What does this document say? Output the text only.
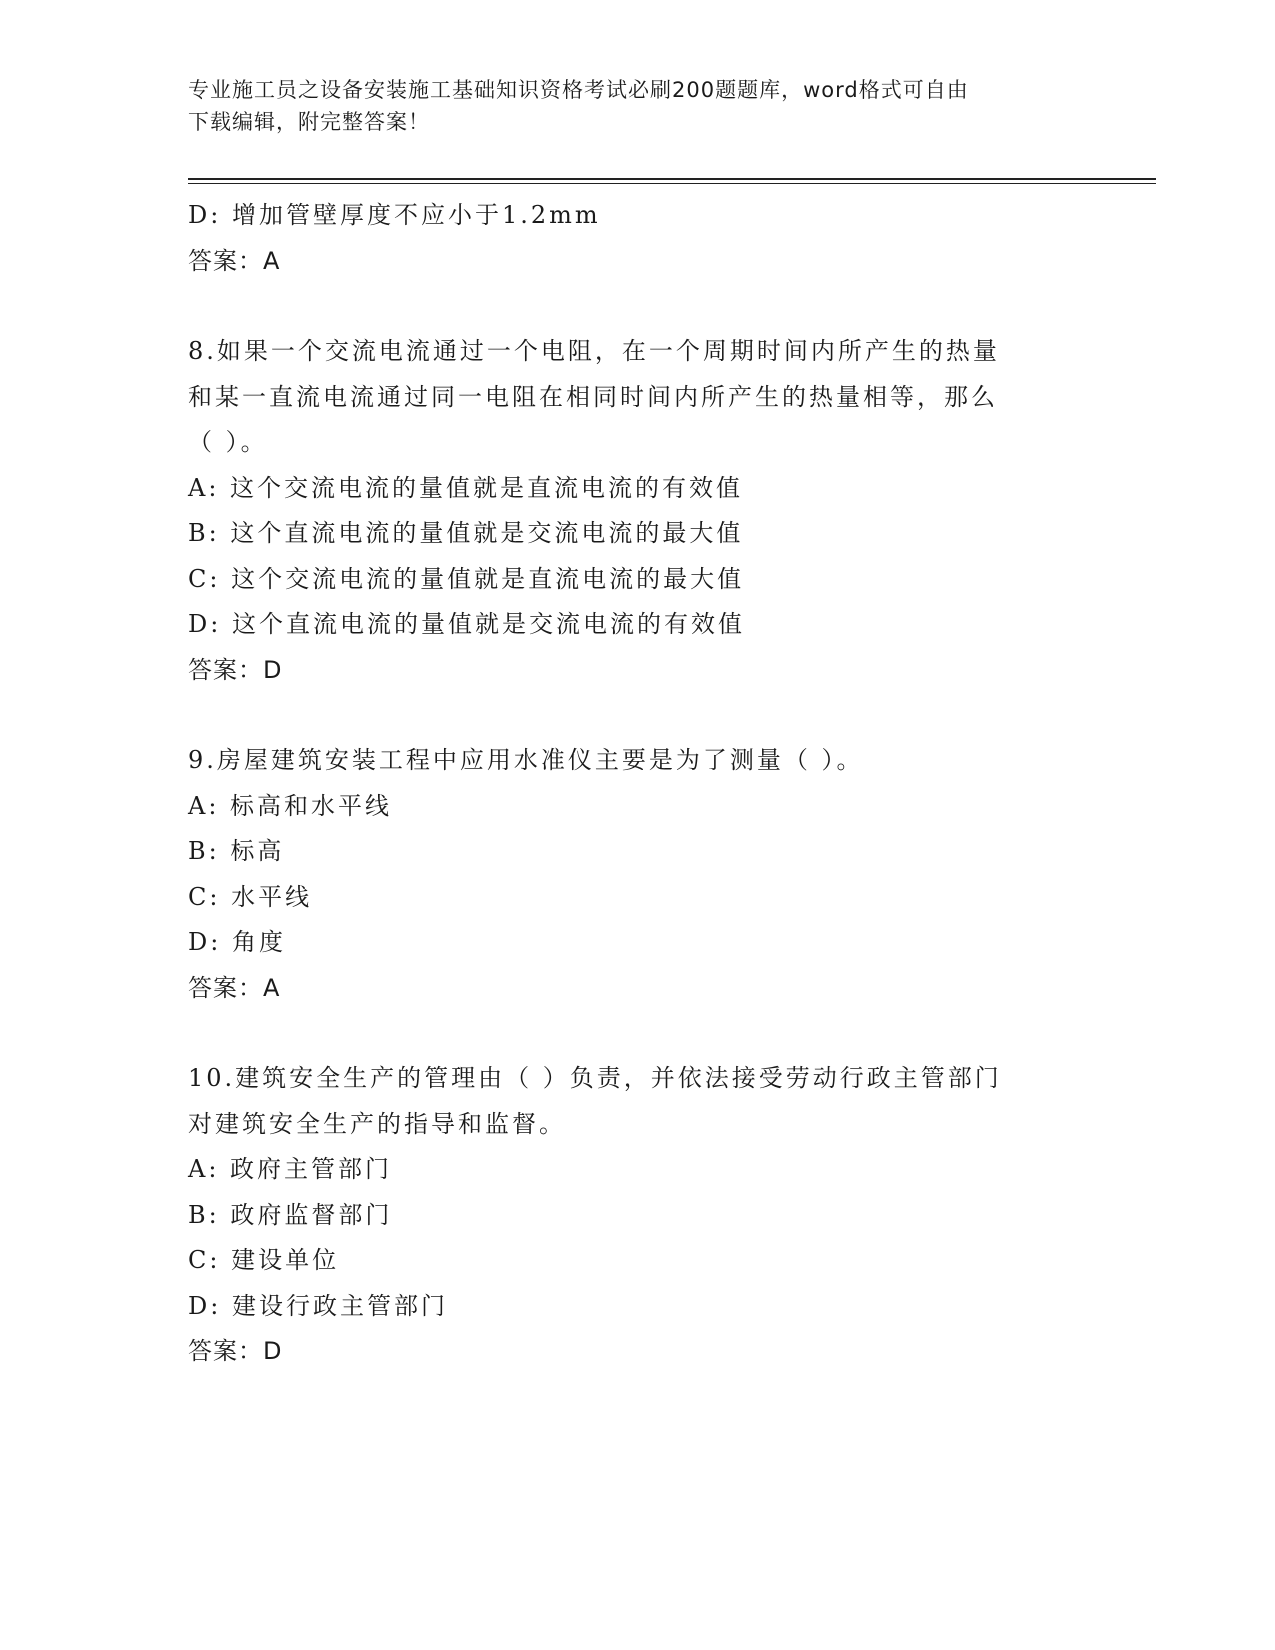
专业施工员之设备安装施工基础知识资格考试必刷200题题库，word格式可自由
下载编辑，附完整答案！
D: 增加管壁厚度不应小于1.2mm
答案：A
8.如果一个交流电流通过一个电阻，在一个周期时间内所产生的热量
和某一直流电流通过同一电阻在相同时间内所产生的热量相等，那么
（ ）。
A: 这个交流电流的量值就是直流电流的有效值
B: 这个直流电流的量值就是交流电流的最大值
C: 这个交流电流的量值就是直流电流的最大值
D: 这个直流电流的量值就是交流电流的有效值
答案：D
9.房屋建筑安装工程中应用水准仪主要是为了测量（ ）。
A: 标高和水平线
B: 标高
C: 水平线
D: 角度
答案：A
10.建筑安全生产的管理由（ ）负责，并依法接受劳动行政主管部门
对建筑安全生产的指导和监督。
A: 政府主管部门
B: 政府监督部门
C: 建设单位
D: 建设行政主管部门
答案：D
